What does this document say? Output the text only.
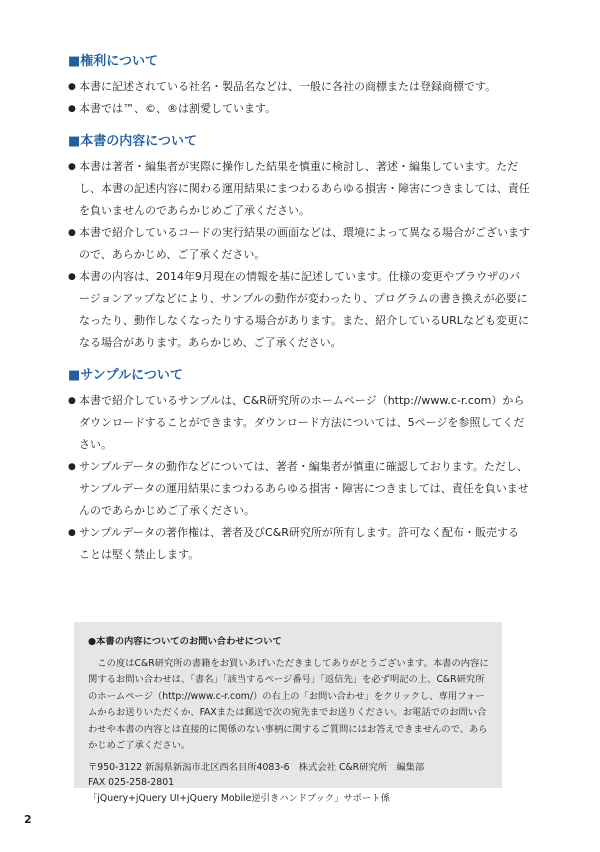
■権利について
● 本書に記述されている社名・製品名などは、一般に各社の商標または登録商標です。
● 本書では™、©、®は割愛しています。
■本書の内容について
● 本書は著者・編集者が実際に操作した結果を慎重に検討し、著述・編集しています。ただし、本書の記述内容に関わる運用結果にまつわるあらゆる損害・障害につきましては、責任を負いませんのであらかじめご了承ください。
● 本書で紹介しているコードの実行結果の画面などは、環境によって異なる場合がございますので、あらかじめ、ご了承ください。
● 本書の内容は、2014年9月現在の情報を基に記述しています。仕様の変更やブラウザのバージョンアップなどにより、サンプルの動作が変わったり、プログラムの書き換えが必要になったり、動作しなくなったりする場合があります。また、紹介しているURLなども変更になる場合があります。あらかじめ、ご了承ください。
■サンプルについて
● 本書で紹介しているサンプルは、C&R研究所のホームページ（http://www.c-r.com）からダウンロードすることができます。ダウンロード方法については、5ページを参照してください。
● サンプルデータの動作などについては、著者・編集者が慎重に確認しております。ただし、サンプルデータの運用結果にまつわるあらゆる損害・障害につきましては、責任を負いませんのであらかじめご了承ください。
● サンプルデータの著作権は、著者及びC&R研究所が所有します。許可なく配布・販売することは堅く禁止します。
●本書の内容についてのお問い合わせについて
この度はC&R研究所の書籍をお買いあげいただきましてありがとうございます。本書の内容に関するお問い合わせは、「書名」「該当するページ番号」「返信先」を必ず明記の上、C&R研究所のホームページ（http://www.c-r.com/）の右上の「お問い合わせ」をクリックし、専用フォームからお送りいただくか、FAXまたは郵送で次の宛先までお送りください。お電話でのお問い合わせや本書の内容とは直接的に関係のない事柄に関するご質問にはお答えできませんので、あらかじめご了承ください。
〒950-3122 新潟県新潟市北区西名目所4083-6　株式会社 C&R研究所　編集部
FAX 025-258-2801
「jQuery+jQuery UI+jQuery Mobile逆引きハンドブック」サポート係
2
